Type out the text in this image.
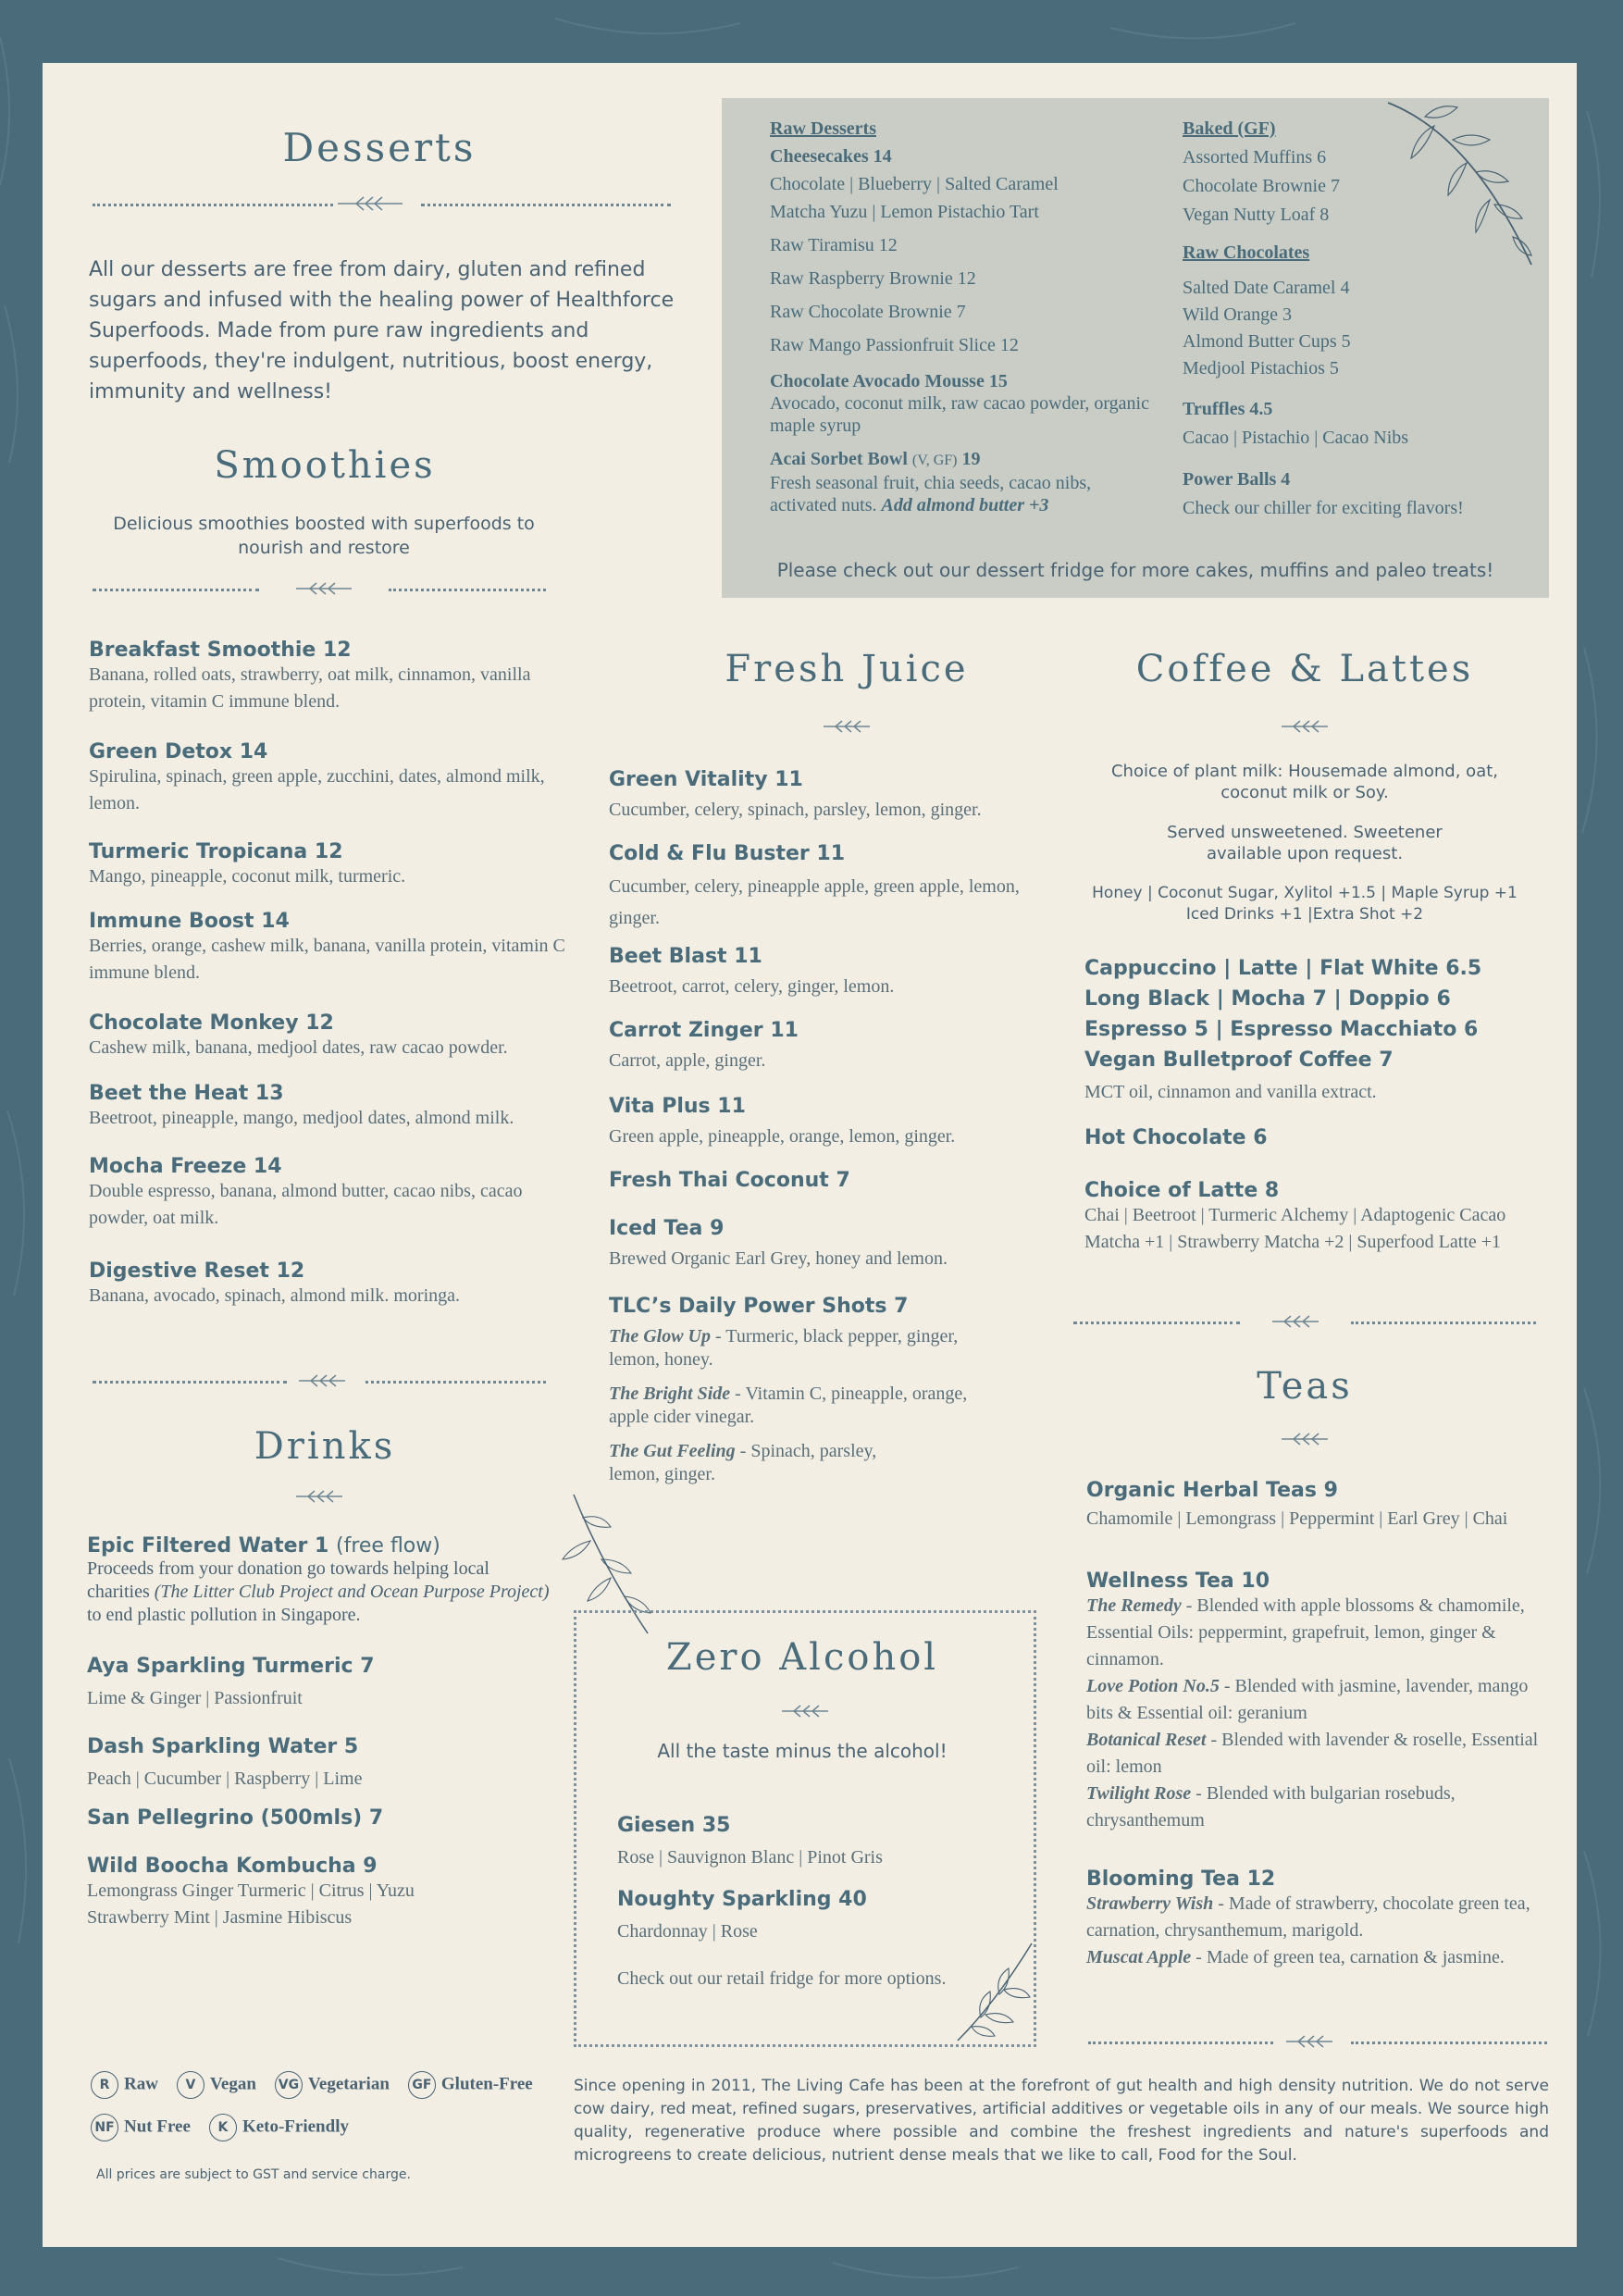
Desserts

All our desserts are free from dairy, gluten and refined sugars and infused with the healing power of Healthforce Superfoods. Made from pure raw ingredients and superfoods, they're indulgent, nutritious, boost energy, immunity and wellness!

Raw Desserts
Cheesecakes 14
Chocolate | Blueberry | Salted Caramel
Matcha Yuzu | Lemon Pistachio Tart
Raw Tiramisu 12
Raw Raspberry Brownie 12
Raw Chocolate Brownie 7
Raw Mango Passionfruit Slice 12
Chocolate Avocado Mousse 15
Avocado, coconut milk, raw cacao powder, organic maple syrup
Acai Sorbet Bowl (V, GF) 19
Fresh seasonal fruit, chia seeds, cacao nibs, activated nuts. Add almond butter +3
Baked (GF)
Assorted Muffins 6
Chocolate Brownie 7
Vegan Nutty Loaf 8
Raw Chocolates
Salted Date Caramel 4
Wild Orange 3
Almond Butter Cups 5
Medjool Pistachios 5
Truffles 4.5
Cacao | Pistachio | Cacao Nibs
Power Balls 4
Check our chiller for exciting flavors!
Please check out our dessert fridge for more cakes, muffins and paleo treats!
Smoothies
Delicious smoothies boosted with superfoods to nourish and restore

Breakfast Smoothie 12

Banana, rolled oats, strawberry, oat milk, cinnamon, vanilla protein, vitamin C immune blend.

Green Detox 14

Spirulina, spinach, green apple, zucchini, dates, almond milk, lemon.

Turmeric Tropicana 12

Mango, pineapple, coconut milk, turmeric.

Immune Boost 14

Berries, orange, cashew milk, banana, vanilla protein, vitamin C immune blend.

Chocolate Monkey 12

Cashew milk, banana, medjool dates, raw cacao powder.

Beet the Heat 13

Beetroot, pineapple, mango, medjool dates, almond milk.

Mocha Freeze 14

Double espresso, banana, almond butter, cacao nibs, cacao powder, oat milk.

Digestive Reset 12

Banana, avocado, spinach, almond milk. moringa.

Drinks

Epic Filtered Water 1 (free flow)

Proceeds from your donation go towards helping local charities (The Litter Club Project and Ocean Purpose Project) to end plastic pollution in Singapore.

Aya Sparkling Turmeric 7

Lime & Ginger | Passionfruit

Dash Sparkling Water 5

Peach | Cucumber | Raspberry | Lime

San Pellegrino (500mls) 7

Wild Boocha Kombucha 9

Lemongrass Ginger Turmeric | Citrus | Yuzu Strawberry Mint | Jasmine Hibiscus

Fresh Juice

Green Vitality 11

Cucumber, celery, spinach, parsley, lemon, ginger.

Cold & Flu Buster 11

Cucumber, celery, pineapple apple, green apple, lemon, ginger.

Beet Blast 11

Beetroot, carrot, celery, ginger, lemon.

Carrot Zinger 11

Carrot, apple, ginger.

Vita Plus 11

Green apple, pineapple, orange, lemon, ginger.

Fresh Thai Coconut 7

Iced Tea 9

Brewed Organic Earl Grey, honey and lemon.

TLC’s Daily Power Shots 7

The Glow Up - Turmeric, black pepper, ginger, lemon, honey.

The Bright Side - Vitamin C, pineapple, orange, apple cider vinegar.

The Gut Feeling - Spinach, parsley, lemon, ginger.

Zero Alcohol
All the taste minus the alcohol!

Giesen 35

Rose | Sauvignon Blanc | Pinot Gris

Noughty Sparkling 40

Chardonnay | Rose

Check out our retail fridge for more options.

Coffee & Lattes
Choice of plant milk: Housemade almond, oat, coconut milk or Soy.
Served unsweetened. Sweetener available upon request.
Honey | Coconut Sugar, Xylitol +1.5 | Maple Syrup +1 Iced Drinks +1 |Extra Shot +2

Cappuccino | Latte | Flat White 6.5

Long Black | Mocha 7 | Doppio 6

Espresso 5 | Espresso Macchiato 6

Vegan Bulletproof Coffee 7

MCT oil, cinnamon and vanilla extract.

Hot Chocolate 6

Choice of Latte 8

Chai | Beetroot | Turmeric Alchemy | Adaptogenic Cacao Matcha +1 | Strawberry Matcha +2 | Superfood Latte +1

Teas

Organic Herbal Teas 9

Chamomile | Lemongrass | Peppermint | Earl Grey | Chai

Wellness Tea 10

The Remedy - Blended with apple blossoms & chamomile, Essential Oils: peppermint, grapefruit, lemon, ginger & cinnamon.

Love Potion No.5 - Blended with jasmine, lavender, mango bits & Essential oil: geranium

Botanical Reset - Blended with lavender & roselle, Essential oil: lemon

Twilight Rose - Blended with bulgarian rosebuds, chrysanthemum

Blooming Tea 12

Strawberry Wish - Made of strawberry, chocolate green tea, carnation, chrysanthemum, marigold.

Muscat Apple - Made of green tea, carnation & jasmine.

R Raw V Vegan VG Vegetarian GF Gluten-Free
NF Nut Free K Keto-Friendly
All prices are subject to GST and service charge.

Since opening in 2011, The Living Cafe has been at the forefront of gut health and high density nutrition. We do not serve cow dairy, red meat, refined sugars, preservatives, artificial additives or vegetable oils in any of our meals. We source high quality, regenerative produce where possible and combine the freshest ingredients and nature's superfoods and microgreens to create delicious, nutrient dense meals that we like to call, Food for the Soul.
